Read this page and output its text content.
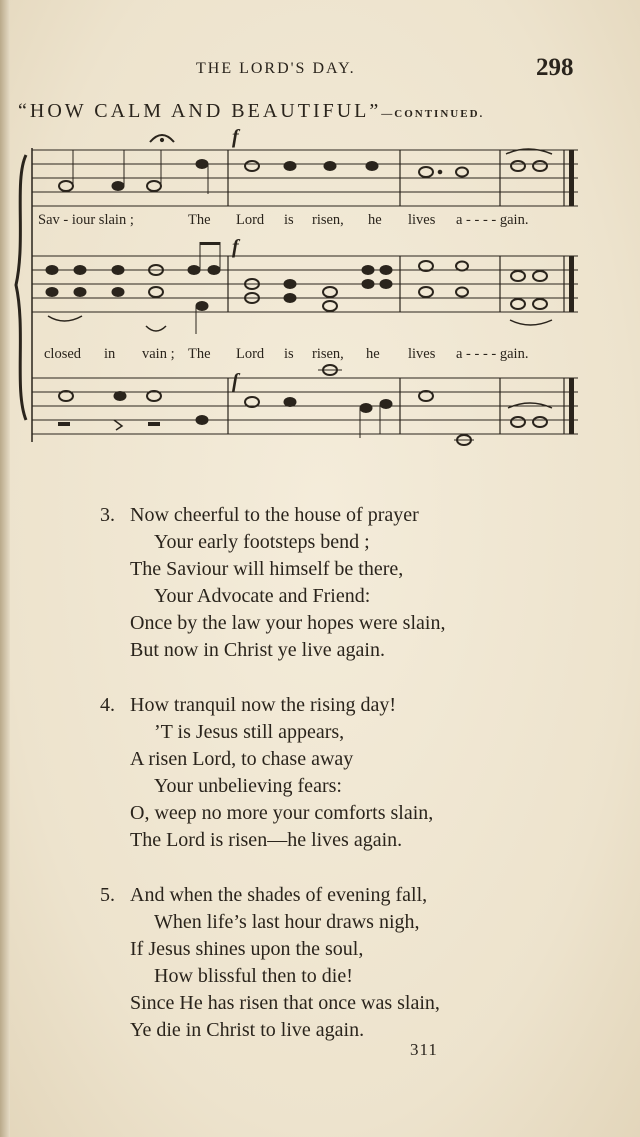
THE LORD'S DAY.	298
“HOW CALM AND BEAUTIFUL”—CONTINUED.
f
f
f
Sav - iour slain ;	The Lord is risen, he lives a - - - - gain.
closed in vain ; The Lord is risen, he lives a - - - - gain.
3. Now cheerful to the house of prayer
Your early footsteps bend ;
The Saviour will himself be there,
Your Advocate and Friend:
Once by the law your hopes were slain,
But now in Christ ye live again.
4. How tranquil now the rising day!
’T is Jesus still appears,
A risen Lord, to chase away
Your unbelieving fears:
O, weep no more your comforts slain,
The Lord is risen—he lives again.
5. And when the shades of evening fall,
When life’s last hour draws nigh,
If Jesus shines upon the soul,
How blissful then to die!
Since He has risen that once was slain,
Ye die in Christ to live again.
311
